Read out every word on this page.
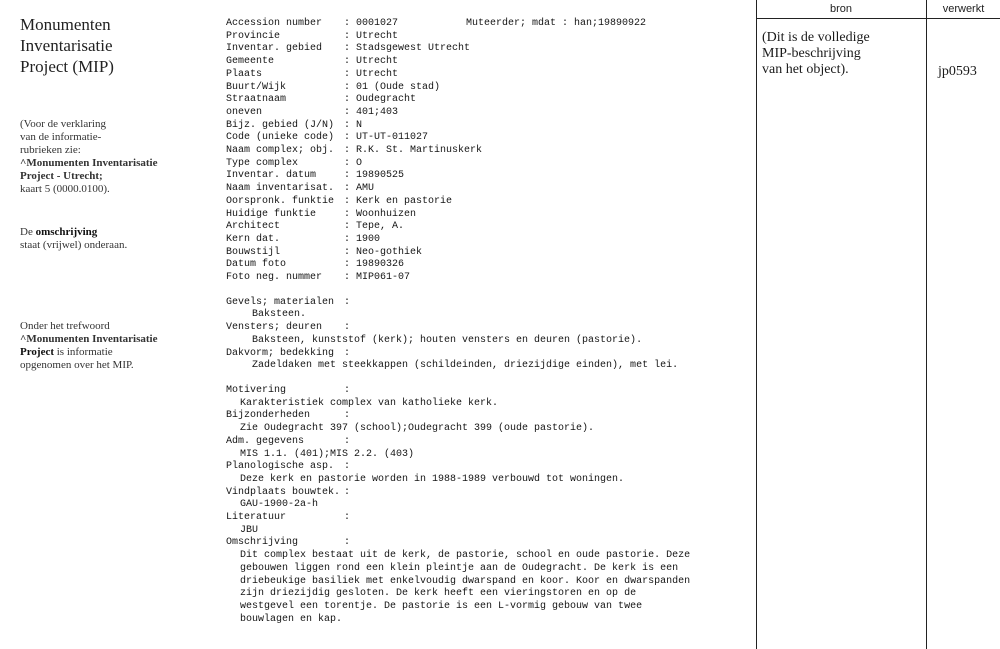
Monumenten
Inventarisatie
Project (MIP)
(Voor de verklaring
van de informatie-
rubrieken zie:
^Monumenten Inventarisatie
Project - Utrecht;
kaart 5 (0000.0100).
De omschrijving
staat (vrijwel) onderaan.
Onder het trefwoord
^Monumenten Inventarisatie
Project is informatie
opgenomen over het MIP.
Muteerder; mdat : han;19890922
Accession number	: 0001027
Provincie	: Utrecht
Inventar. gebied	: Stadsgewest Utrecht
Gemeente	: Utrecht
Plaats	: Utrecht
Buurt/Wijk	: 01 (Oude stad)
Straatnaam	: Oudegracht
oneven	: 401;403
Bijz. gebied (J/N) : N
Code (unieke code) : UT-UT-011027
Naam complex; obj. : R.K. St. Martinuskerk
Type complex	: O
Inventar. datum	: 19890525
Naam inventarisat. : AMU
Oorspronk. funktie : Kerk en pastorie
Huidige funktie	: Woonhuizen
Architect	: Tepe, A.
Kern dat.	: 1900
Bouwstijl	: Neo-gothiek
Datum foto	: 19890326
Foto neg. nummer	: MIP061-07
Gevels; materialen :
Baksteen.
Vensters; deuren	:
Baksteen, kunststof (kerk); houten vensters en deuren (pastorie).
Dakvorm; bedekking :
Zadeldaken met steekkappen (schildeinden, driezijdige einden), met lei.
Motivering	:
Karakteristiek complex van katholieke kerk.
Bijzonderheden	:
Zie Oudegracht 397 (school);Oudegracht 399 (oude pastorie).
Adm. gegevens	:
MIS 1.1. (401);MIS 2.2. (403)
Planologische asp. :
Deze kerk en pastorie worden in 1988-1989 verbouwd tot woningen.
Vindplaats bouwtek. :
GAU-1900-2a-h
Literatuur	:
JBU
Omschrijving	:
Dit complex bestaat uit de kerk, de pastorie, school en oude pastorie. Deze
gebouwen liggen rond een klein pleintje aan de Oudegracht. De kerk is een
driebeukige basiliek met enkelvoudig dwarspand en koor. Koor en dwarspanden
zijn driezijdig gesloten. De kerk heeft een vieringstoren en op de
westgevel een torentje. De pastorie is een L-vormig gebouw van twee
bouwlagen en kap.
bron	verwerkt
(Dit is de volledige
MIP-beschrijving
van het object).	jp0593
